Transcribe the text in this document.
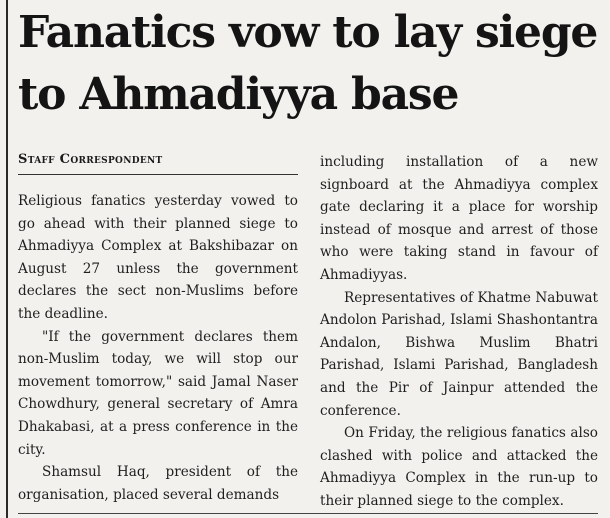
Fanatics vow to lay siege
to Ahmadiyya base
Staff Correspondent

Religious fanatics yesterday vowed to go ahead with their planned siege to Ahmadiyya Complex at Bakshibazar on August 27 unless the government declares the sect non-Muslims before the deadline.

"If the government declares them non-Muslim today, we will stop our movement tomorrow," said Jamal Naser Chowdhury, general secretary of Amra Dhakabasi, at a press conference in the city.

Shamsul Haq, president of the organisation, placed several demands

including installation of a new signboard at the Ahmadiyya complex gate declaring it a place for worship instead of mosque and arrest of those who were taking stand in favour of Ahmadiyyas.

Representatives of Khatme Nabuwat Andolon Parishad, Islami Shashontantra Andalon, Bishwa Muslim Bhatri Parishad, Islami Parishad, Bangladesh and the Pir of Jainpur attended the conference.

On Friday, the religious fanatics also clashed with police and attacked the Ahmadiyya Complex in the run-up to their planned siege to the complex.
